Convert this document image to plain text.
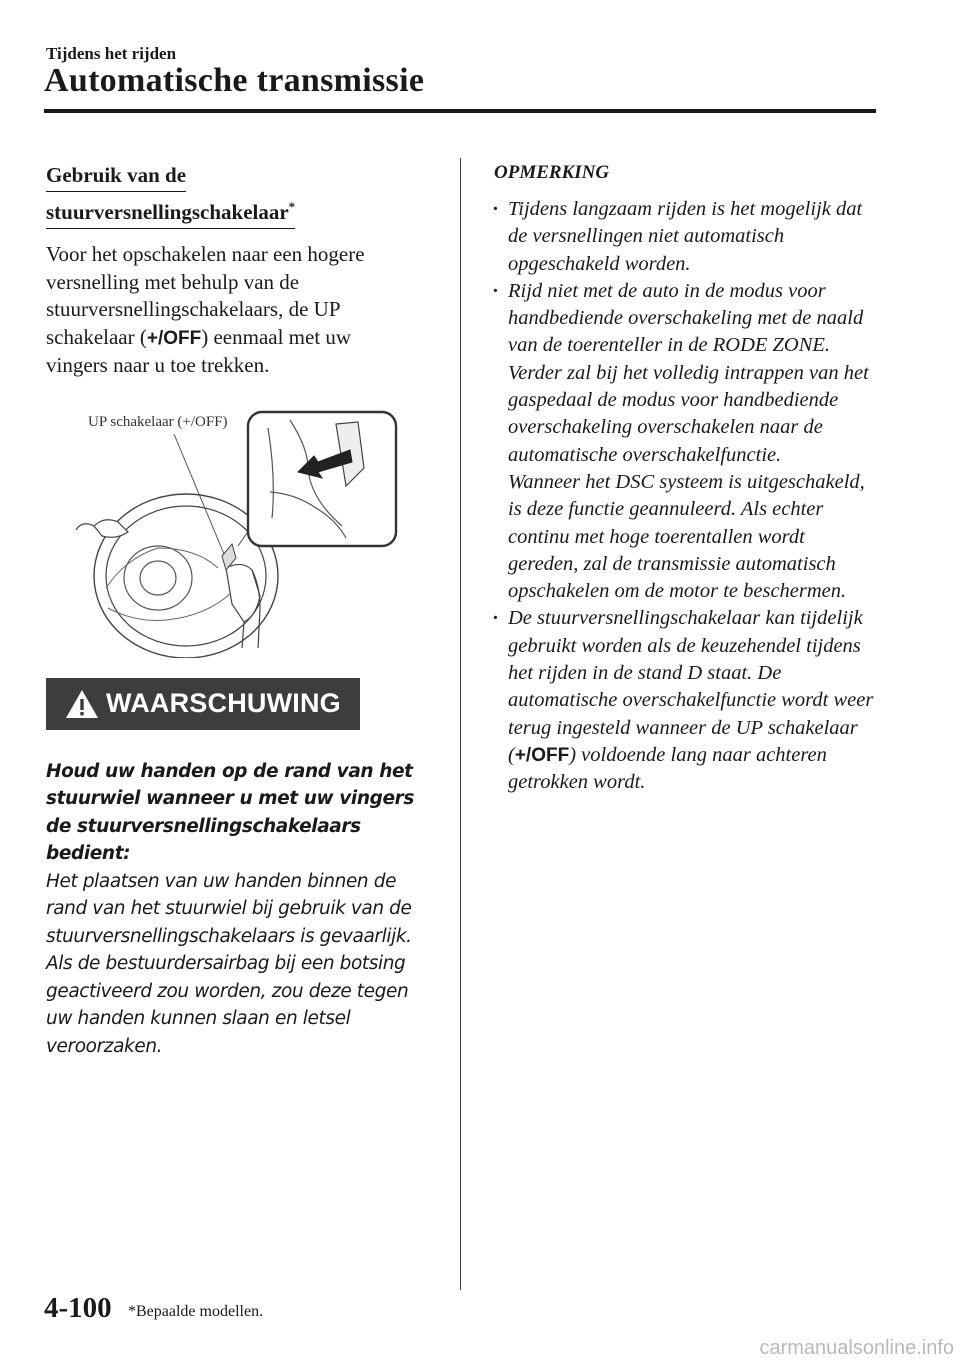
Tijdens het rijden
Automatische transmissie
Gebruik van de
stuurversnellingschakelaar*
Voor het opschakelen naar een hogere versnelling met behulp van de stuurversnellingschakelaars, de UP schakelaar (+/OFF) eenmaal met uw vingers naar u toe trekken.
UP schakelaar (+/OFF)
WAARSCHUWING
Houd uw handen op de rand van het stuurwiel wanneer u met uw vingers de stuurversnellingschakelaars bedient:
Het plaatsen van uw handen binnen de rand van het stuurwiel bij gebruik van de stuurversnellingschakelaars is gevaarlijk. Als de bestuurdersairbag bij een botsing geactiveerd zou worden, zou deze tegen uw handen kunnen slaan en letsel veroorzaken.
OPMERKING
· Tijdens langzaam rijden is het mogelijk dat de versnellingen niet automatisch opgeschakeld worden.
· Rijd niet met de auto in de modus voor handbediende overschakeling met de naald van de toerenteller in de RODE ZONE. Verder zal bij het volledig intrappen van het gaspedaal de modus voor handbediende overschakeling overschakelen naar de automatische overschakelfunctie.
Wanneer het DSC systeem is uitgeschakeld, is deze functie geannuleerd. Als echter continu met hoge toerentallen wordt gereden, zal de transmissie automatisch opschakelen om de motor te beschermen.
· De stuurversnellingschakelaar kan tijdelijk gebruikt worden als de keuzehendel tijdens het rijden in de stand D staat. De automatische overschakelfunctie wordt weer terug ingesteld wanneer de UP schakelaar (+/OFF) voldoende lang naar achteren getrokken wordt.
4-100 *Bepaalde modellen.
carmanualsonline.info
